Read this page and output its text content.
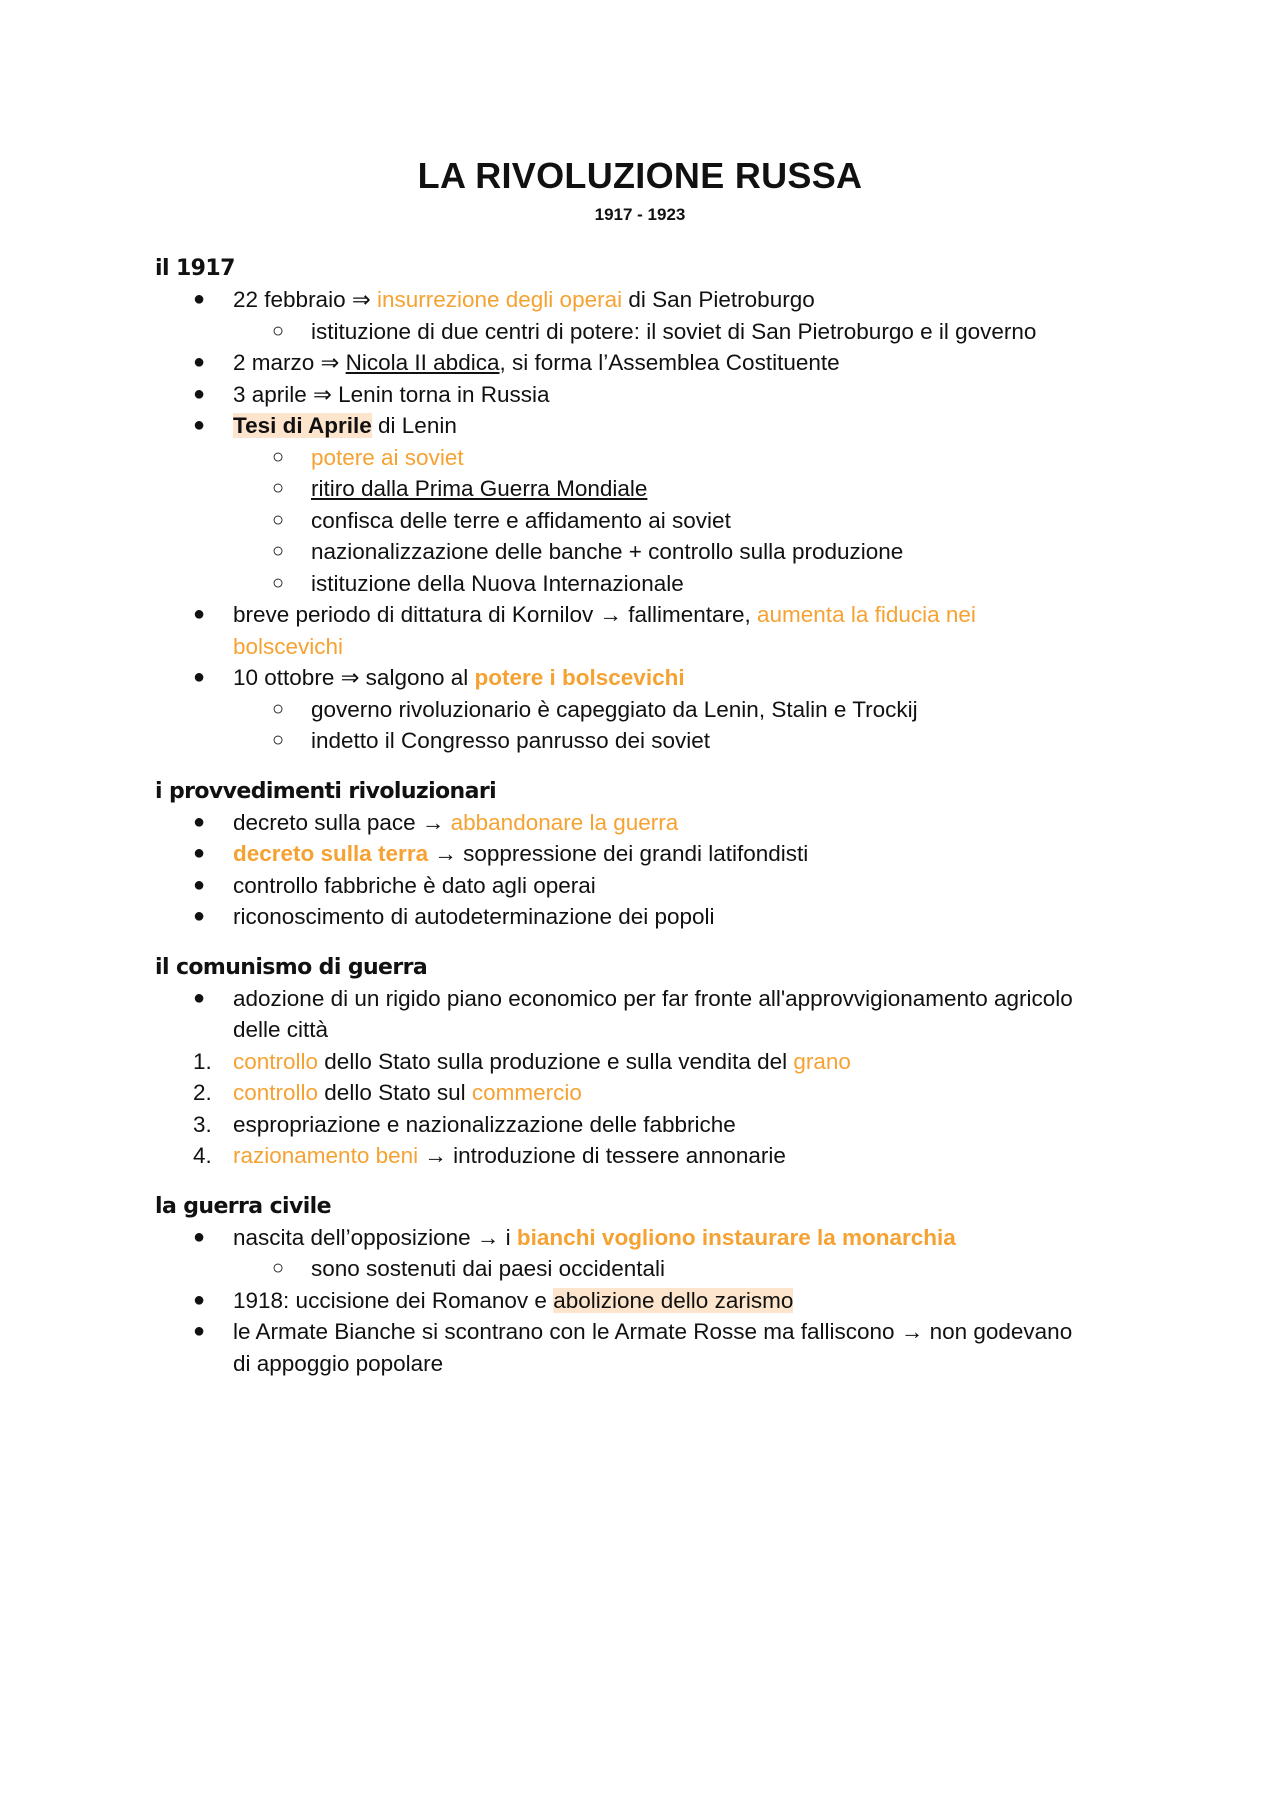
LA RIVOLUZIONE RUSSA
1917 - 1923
il 1917
● 22 febbraio ⇒ insurrezione degli operai di San Pietroburgo
○ istituzione di due centri di potere: il soviet di San Pietroburgo e il governo
● 2 marzo ⇒ Nicola II abdica, si forma l’Assemblea Costituente
● 3 aprile ⇒ Lenin torna in Russia
● Tesi di Aprile di Lenin
○ potere ai soviet
○ ritiro dalla Prima Guerra Mondiale
○ confisca delle terre e affidamento ai soviet
○ nazionalizzazione delle banche + controllo sulla produzione
○ istituzione della Nuova Internazionale
● breve periodo di dittatura di Kornilov → fallimentare, aumenta la fiducia nei
bolscevichi
● 10 ottobre ⇒ salgono al potere i bolscevichi
○ governo rivoluzionario è capeggiato da Lenin, Stalin e Trockij
○ indetto il Congresso panrusso dei soviet
i provvedimenti rivoluzionari
● decreto sulla pace → abbandonare la guerra
● decreto sulla terra → soppressione dei grandi latifondisti
● controllo fabbriche è dato agli operai
● riconoscimento di autodeterminazione dei popoli
il comunismo di guerra
● adozione di un rigido piano economico per far fronte all'approvvigionamento agricolo
delle città
1. controllo dello Stato sulla produzione e sulla vendita del grano
2. controllo dello Stato sul commercio
3. espropriazione e nazionalizzazione delle fabbriche
4. razionamento beni → introduzione di tessere annonarie
la guerra civile
● nascita dell’opposizione → i bianchi vogliono instaurare la monarchia
○ sono sostenuti dai paesi occidentali
● 1918: uccisione dei Romanov e abolizione dello zarismo
● le Armate Bianche si scontrano con le Armate Rosse ma falliscono → non godevano
di appoggio popolare
